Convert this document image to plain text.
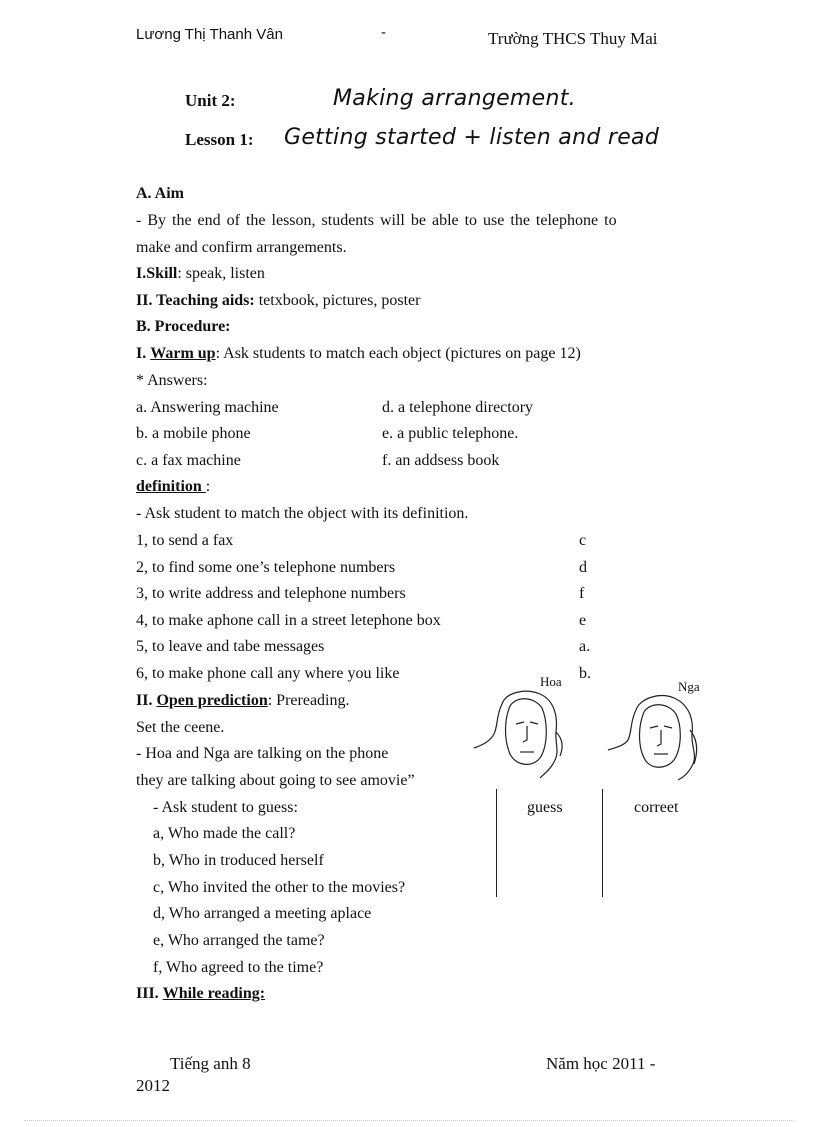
Lương Thị Thanh Vân	-	Trường THCS Thuy Mai
Unit 2:	Making arrangement.
Lesson 1: Getting started + listen and read
A. Aim
- By the end of the lesson, students will be able to use the telephone to
make and confirm arrangements.
I.Skill: speak, listen
II. Teaching aids: tetxbook, pictures, poster
B. Procedure:
I. Warm up: Ask students to match each object (pictures on page 12)
* Answers:
a. Answering machine	d. a telephone directory
b. a mobile phone	e. a public telephone.
c. a fax machine	f. an addsess book
definition :
- Ask student to match the object with its definition.
1, to send a fax	c
2, to find some one’s telephone numbers	d
3, to write address and telephone numbers	f
4, to make aphone call in a street letephone box	e
5, to leave and tabe messages	a.
6, to make phone call any where you like	b.
II. Open prediction: Prereading.
Set the ceene.
- Hoa and Nga are talking on the phone
they are talking about going to see amovie”
- Ask student to guess:
a, Who made the call?
b, Who in troduced herself
c, Who invited the other to the movies?
d, Who arranged a meeting aplace
e, Who arranged the tame?
f, Who agreed to the time?
guess	correet
Hoa	Nga
III. While reading:
Tiếng anh 8	Năm học 2011 -
2012
